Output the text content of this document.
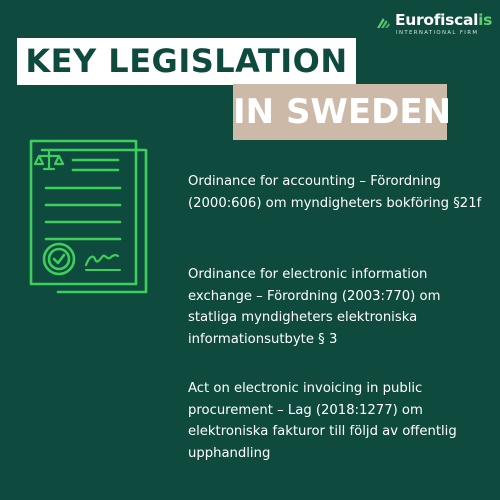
Eurofiscalis
INTERNATIONAL FIRM
KEY LEGISLATION
IN SWEDEN
Ordinance for accounting – Förordning (2000:606) om myndigheters bokföring §21f
Ordinance for electronic information exchange – Förordning (2003:770) om statliga myndigheters elektroniska informationsutbyte § 3
Act on electronic invoicing in public procurement – Lag (2018:1277) om elektroniska fakturor till följd av offentlig upphandling
